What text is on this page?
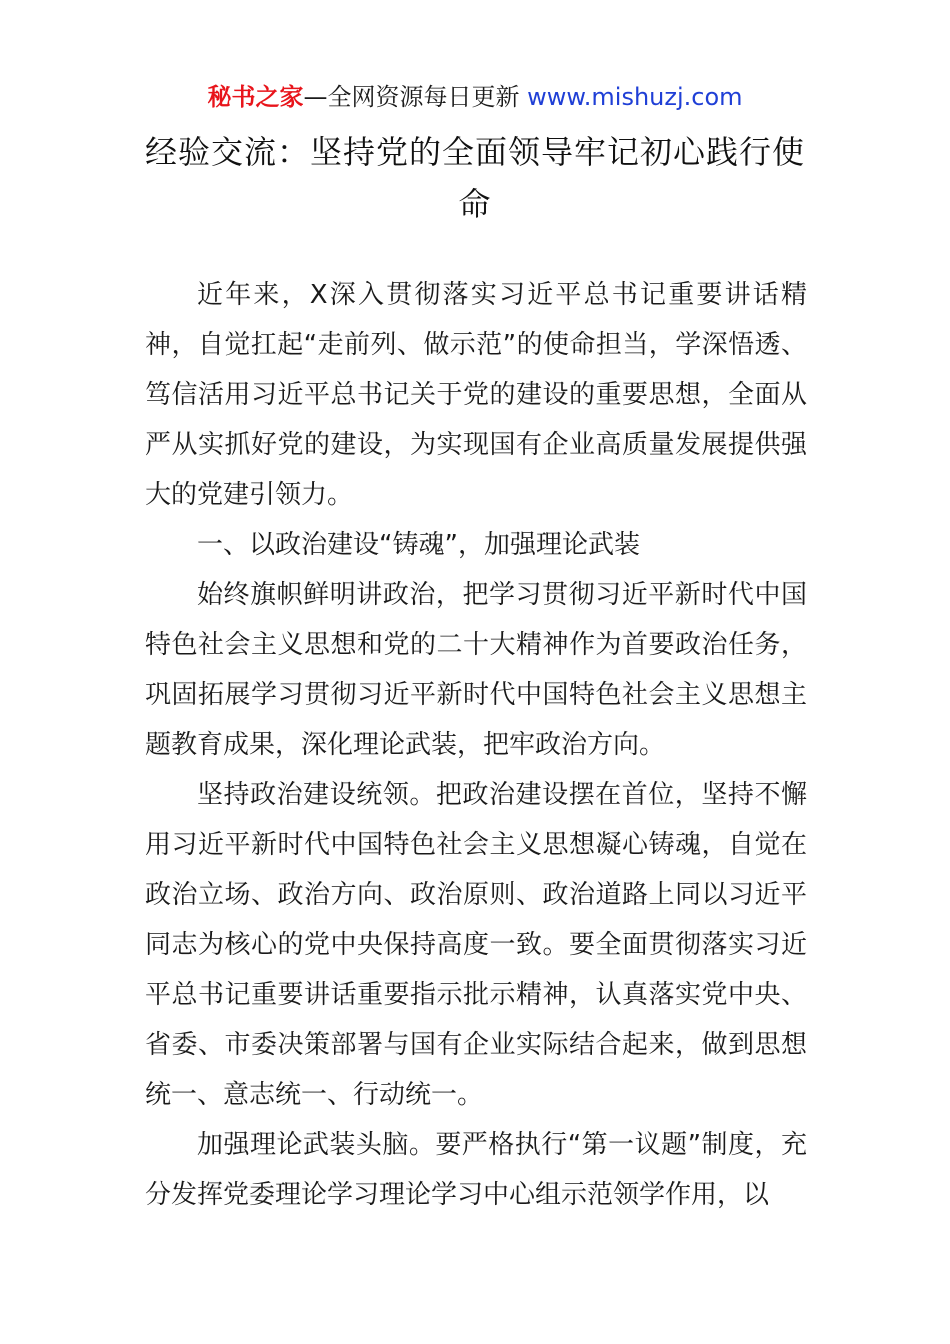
秘书之家—全网资源每日更新 www.mishuzj.com
经验交流：坚持党的全面领导牢记初心践行使命

近年来，X深入贯彻落实习近平总书记重要讲话精神，自觉扛起“走前列、做示范”的使命担当，学深悟透、笃信活用习近平总书记关于党的建设的重要思想，全面从严从实抓好党的建设，为实现国有企业高质量发展提供强大的党建引领力。

一、以政治建设“铸魂”，加强理论武装

始终旗帜鲜明讲政治，把学习贯彻习近平新时代中国特色社会主义思想和党的二十大精神作为首要政治任务，巩固拓展学习贯彻习近平新时代中国特色社会主义思想主题教育成果，深化理论武装，把牢政治方向。

坚持政治建设统领。把政治建设摆在首位，坚持不懈用习近平新时代中国特色社会主义思想凝心铸魂，自觉在政治立场、政治方向、政治原则、政治道路上同以习近平同志为核心的党中央保持高度一致。要全面贯彻落实习近平总书记重要讲话重要指示批示精神，认真落实党中央、省委、市委决策部署与国有企业实际结合起来，做到思想统一、意志统一、行动统一。

加强理论武装头脑。要严格执行“第一议题”制度，充分发挥党委理论学习理论学习中心组示范领学作用，以
